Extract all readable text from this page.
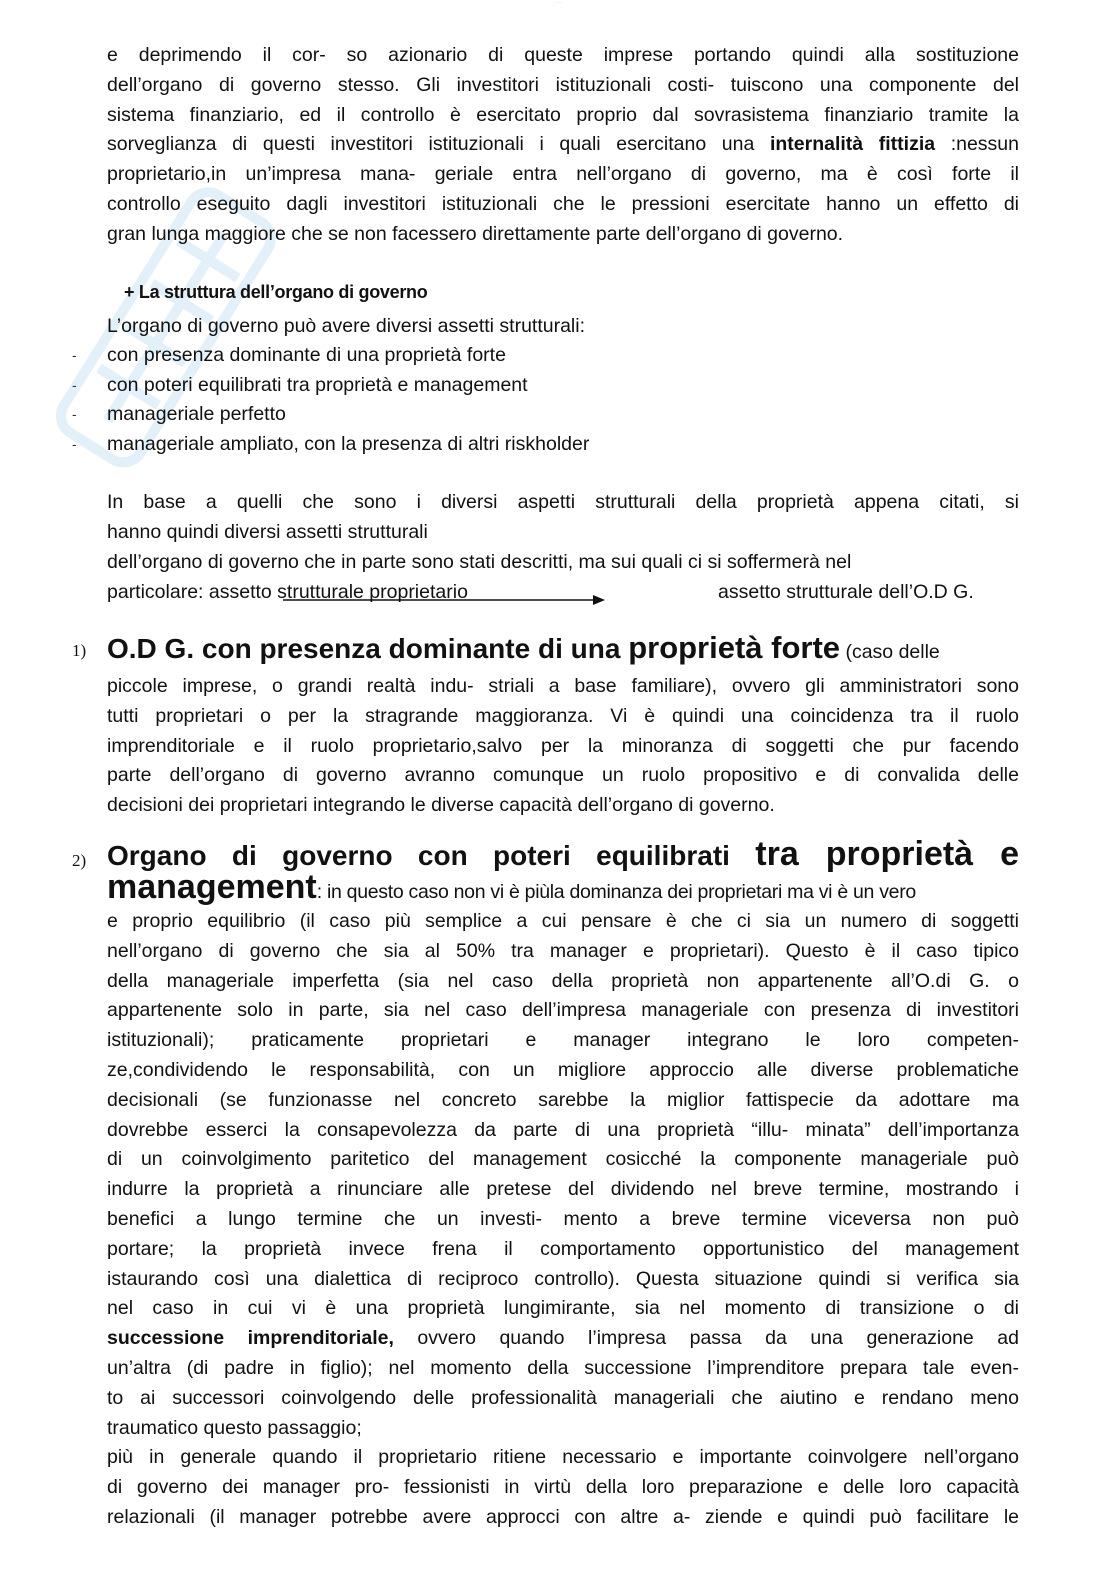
········

e deprimendo il cor- so azionario di queste imprese portando quindi alla sostituzione

dell’organo di governo stesso. Gli investitori istituzionali costi- tuiscono una componente del

sistema finanziario, ed il controllo è esercitato proprio dal sovrasistema finanziario tramite la

sorveglianza di questi investitori istituzionali i quali esercitano una internalità fittizia :nessun

proprietario,in un’impresa mana- geriale entra nell’organo di governo, ma è così forte il

controllo eseguito dagli investitori istituzionali che le pressioni esercitate hanno un effetto di

gran lunga maggiore che se non facessero direttamente parte dell’organo di governo.

+ La struttura dell’organo di governo
L’organo di governo può avere diversi assetti strutturali:
- con presenza dominante di una proprietà forte
- con poteri equilibrati tra proprietà e management
- manageriale perfetto
- manageriale ampliato, con la presenza di altri riskholder

In base a quelli che sono i diversi aspetti strutturali della proprietà appena citati, si

hanno quindi diversi assetti strutturali

dell’organo di governo che in parte sono stati descritti, ma sui quali ci si soffermerà nel

particolare: assetto strutturale proprietario	assetto strutturale dell’O.D G.
1) O.D G. con presenza dominante di una proprietà forte (caso delle

piccole imprese, o grandi realtà indu- striali a base familiare), ovvero gli amministratori sono

tutti proprietari o per la stragrande maggioranza. Vi è quindi una coincidenza tra il ruolo

imprenditoriale e il ruolo proprietario,salvo per la minoranza di soggetti che pur facendo

parte dell’organo di governo avranno comunque un ruolo propositivo e di convalida delle

decisioni dei proprietari integrando le diverse capacità dell’organo di governo.

2) Organo di governo con poteri equilibrati tra proprietà e

management: in questo caso non vi è piùla dominanza dei proprietari ma vi è un vero

e proprio equilibrio (il caso più semplice a cui pensare è che ci sia un numero di soggetti

nell’organo di governo che sia al 50% tra manager e proprietari). Questo è il caso tipico

della manageriale imperfetta (sia nel caso della proprietà non appartenente all’O.di G. o

appartenente solo in parte, sia nel caso dell’impresa manageriale con presenza di investitori

istituzionali); praticamente proprietari e manager integrano le loro competen-

ze,condividendo le responsabilità, con un migliore approccio alle diverse problematiche

decisionali (se funzionasse nel concreto sarebbe la miglior fattispecie da adottare ma

dovrebbe esserci la consapevolezza da parte di una proprietà “illu- minata” dell’importanza

di un coinvolgimento paritetico del management cosicché la componente manageriale può

indurre la proprietà a rinunciare alle pretese del dividendo nel breve termine, mostrando i

benefici a lungo termine che un investi- mento a breve termine viceversa non può

portare; la proprietà invece frena il comportamento opportunistico del management

istaurando così una dialettica di reciproco controllo). Questa situazione quindi si verifica sia

nel caso in cui vi è una proprietà lungimirante, sia nel momento di transizione o di

successione imprenditoriale, ovvero quando l’impresa passa da una generazione ad

un’altra (di padre in figlio); nel momento della successione l’imprenditore prepara tale even-

to ai successori coinvolgendo delle professionalità manageriali che aiutino e rendano meno

traumatico questo passaggio;

più in generale quando il proprietario ritiene necessario e importante coinvolgere nell’organo

di governo dei manager pro- fessionisti in virtù della loro preparazione e delle loro capacità

relazionali (il manager potrebbe avere approcci con altre a- ziende e quindi può facilitare le
